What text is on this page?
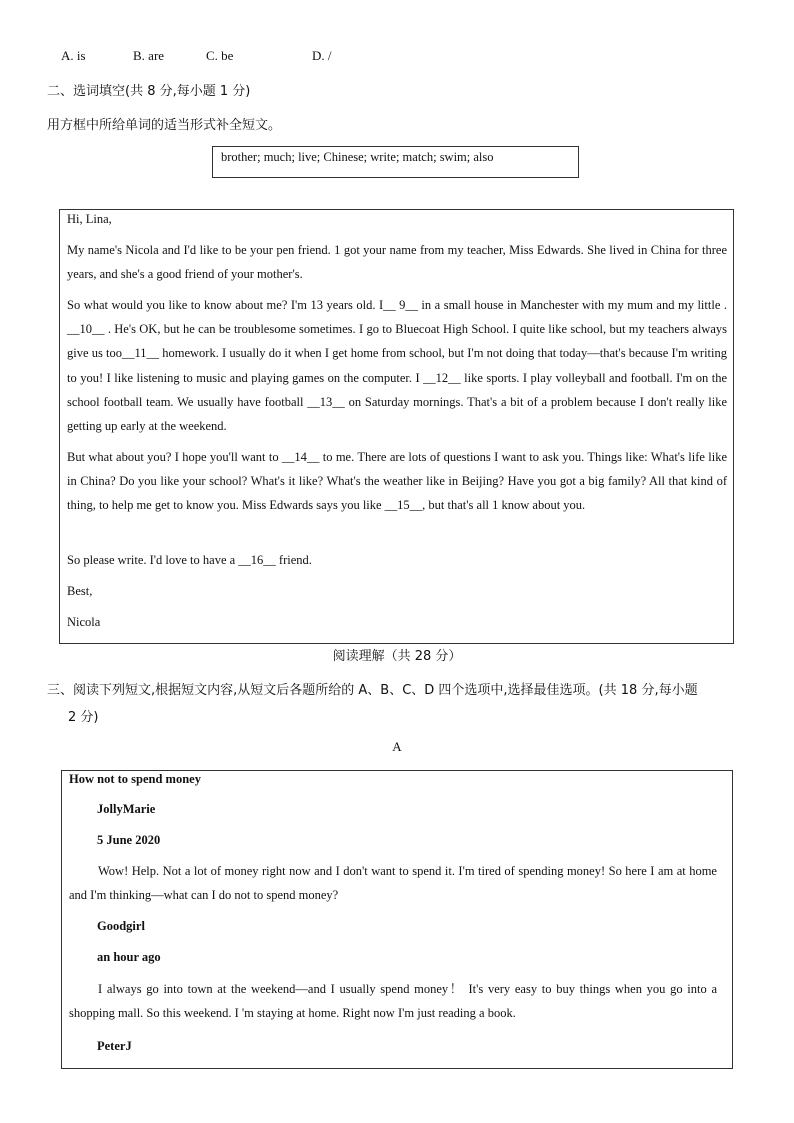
A. is	B. are	C. be	D. /
二、选词填空(共 8 分,每小题 1 分)
用方框中所给单词的适当形式补全短文。
brother; much; live; Chinese; write; match; swim; also

Hi, Lina,

My name's Nicola and I'd like to be your pen friend. 1 got your name from my teacher, Miss Edwards. She lived in China for three years, and she's a good friend of your mother's.

So what would you like to know about me? I'm 13 years old. I__ 9__ in a small house in Manchester with my mum and my little . __10__ . He's OK, but he can be troublesome sometimes. I go to Bluecoat High School. I quite like school, but my teachers always give us too__11__ homework. I usually do it when I get home from school, but I'm not doing that today—that's because I'm writing to you! I like listening to music and playing games on the computer. I __12__ like sports. I play volleyball and football. I'm on the school football team. We usually have football __13__ on Saturday mornings. That's a bit of a problem because I don't really like getting up early at the weekend.

But what about you? I hope you'll want to __14__ to me. There are lots of questions I want to ask you. Things like: What's life like in China? Do you like your school? What's it like? What's the weather like in Beijing? Have you got a big family? All that kind of thing, to help me get to know you. Miss Edwards says you like __15__, but that's all 1 know about you.

So please write. I'd love to have a __16__ friend.

Best,

Nicola

阅读理解（共 28 分）
三、阅读下列短文,根据短文内容,从短文后各题所给的 A、B、C、D 四个选项中,选择最佳选项。(共 18 分,每小题
2 分)
A
How not to spend money
JollyMarie
5 June 2020

Wow! Help. Not a lot of money right now and I don't want to spend it. I'm tired of spending money! So here I am at home and I'm thinking—what can I do not to spend money?

Goodgirl
an hour ago

I always go into town at the weekend—and I usually spend money！ It's very easy to buy things when you go into a shopping mall. So this weekend. I 'm staying at home. Right now I'm just reading a book.

PeterJ
